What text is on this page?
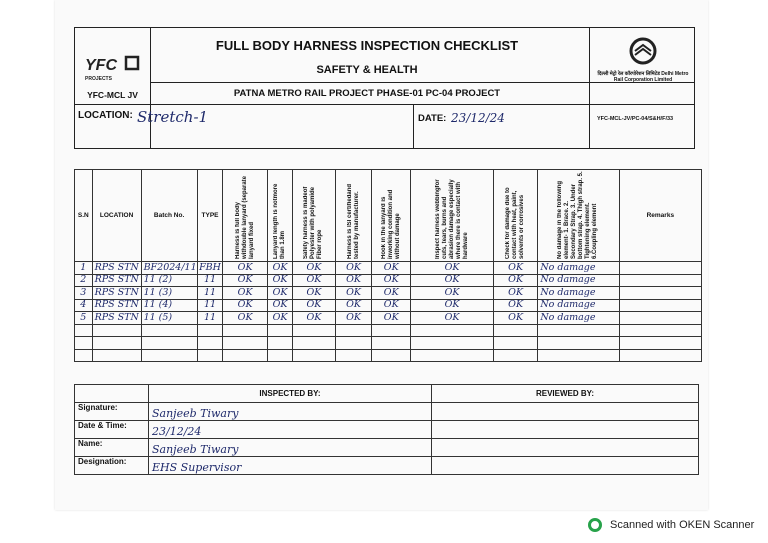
YFC
PROJECTS
YFC-MCL JV
FULL BODY HARNESS INSPECTION CHECKLIST
SAFETY & HEALTH
PATNA METRO RAIL PROJECT PHASE-01 PC-04 PROJECT
दिल्ली मेट्रो रेल कॉरपोरेशन लिमिटेड Delhi Metro Rail Corporation Limited
LOCATION: Stretch-1	DATE: 23/12/24	YFC-MCL-JV/PC-04/S&H/F/33
S.N	LOCATION	Batch No.	TYPE	Harness is full body withdouble lanyard (separate lanyard fixed	Lanyard length is notmore than 1.8m	Safety harness is madeof Polyester with polyamide Fiber rope	Harness is ISI certifiedand tested by manufacturer.	Hook in the lanyard is inworking condition and without damage	Inspect harness webbingfor cuts, tears, burns and abrasion damage especially where there is contact with hardware	Check for damage due to contact with heat, paint, solvents or corrosives	No damage in the following element- 1. Brace. 2. Secondary Strap. 3. Under bottom strap. 4. Thigh strap. 5. Tightening element. 6.Coupling element	Remarks
1	RPS STN	BF2024/11	FBH	OK	OK	OK	OK	OK	OK	OK	No damage	
2	RPS STN	11 (2)	11	OK	OK	OK	OK	OK	OK	OK	No damage	
3	RPS STN	11 (3)	11	OK	OK	OK	OK	OK	OK	OK	No damage	
4	RPS STN	11 (4)	11	OK	OK	OK	OK	OK	OK	OK	No damage	
5	RPS STN	11 (5)	11	OK	OK	OK	OK	OK	OK	OK	No damage	

	INSPECTED BY:	REVIEWED BY:
Signature:	Sanjeeb Tiwary	
Date & Time:	23/12/24	
Name:	Sanjeeb Tiwary	
Designation:	EHS Supervisor	
Scanned with OKEN Scanner
